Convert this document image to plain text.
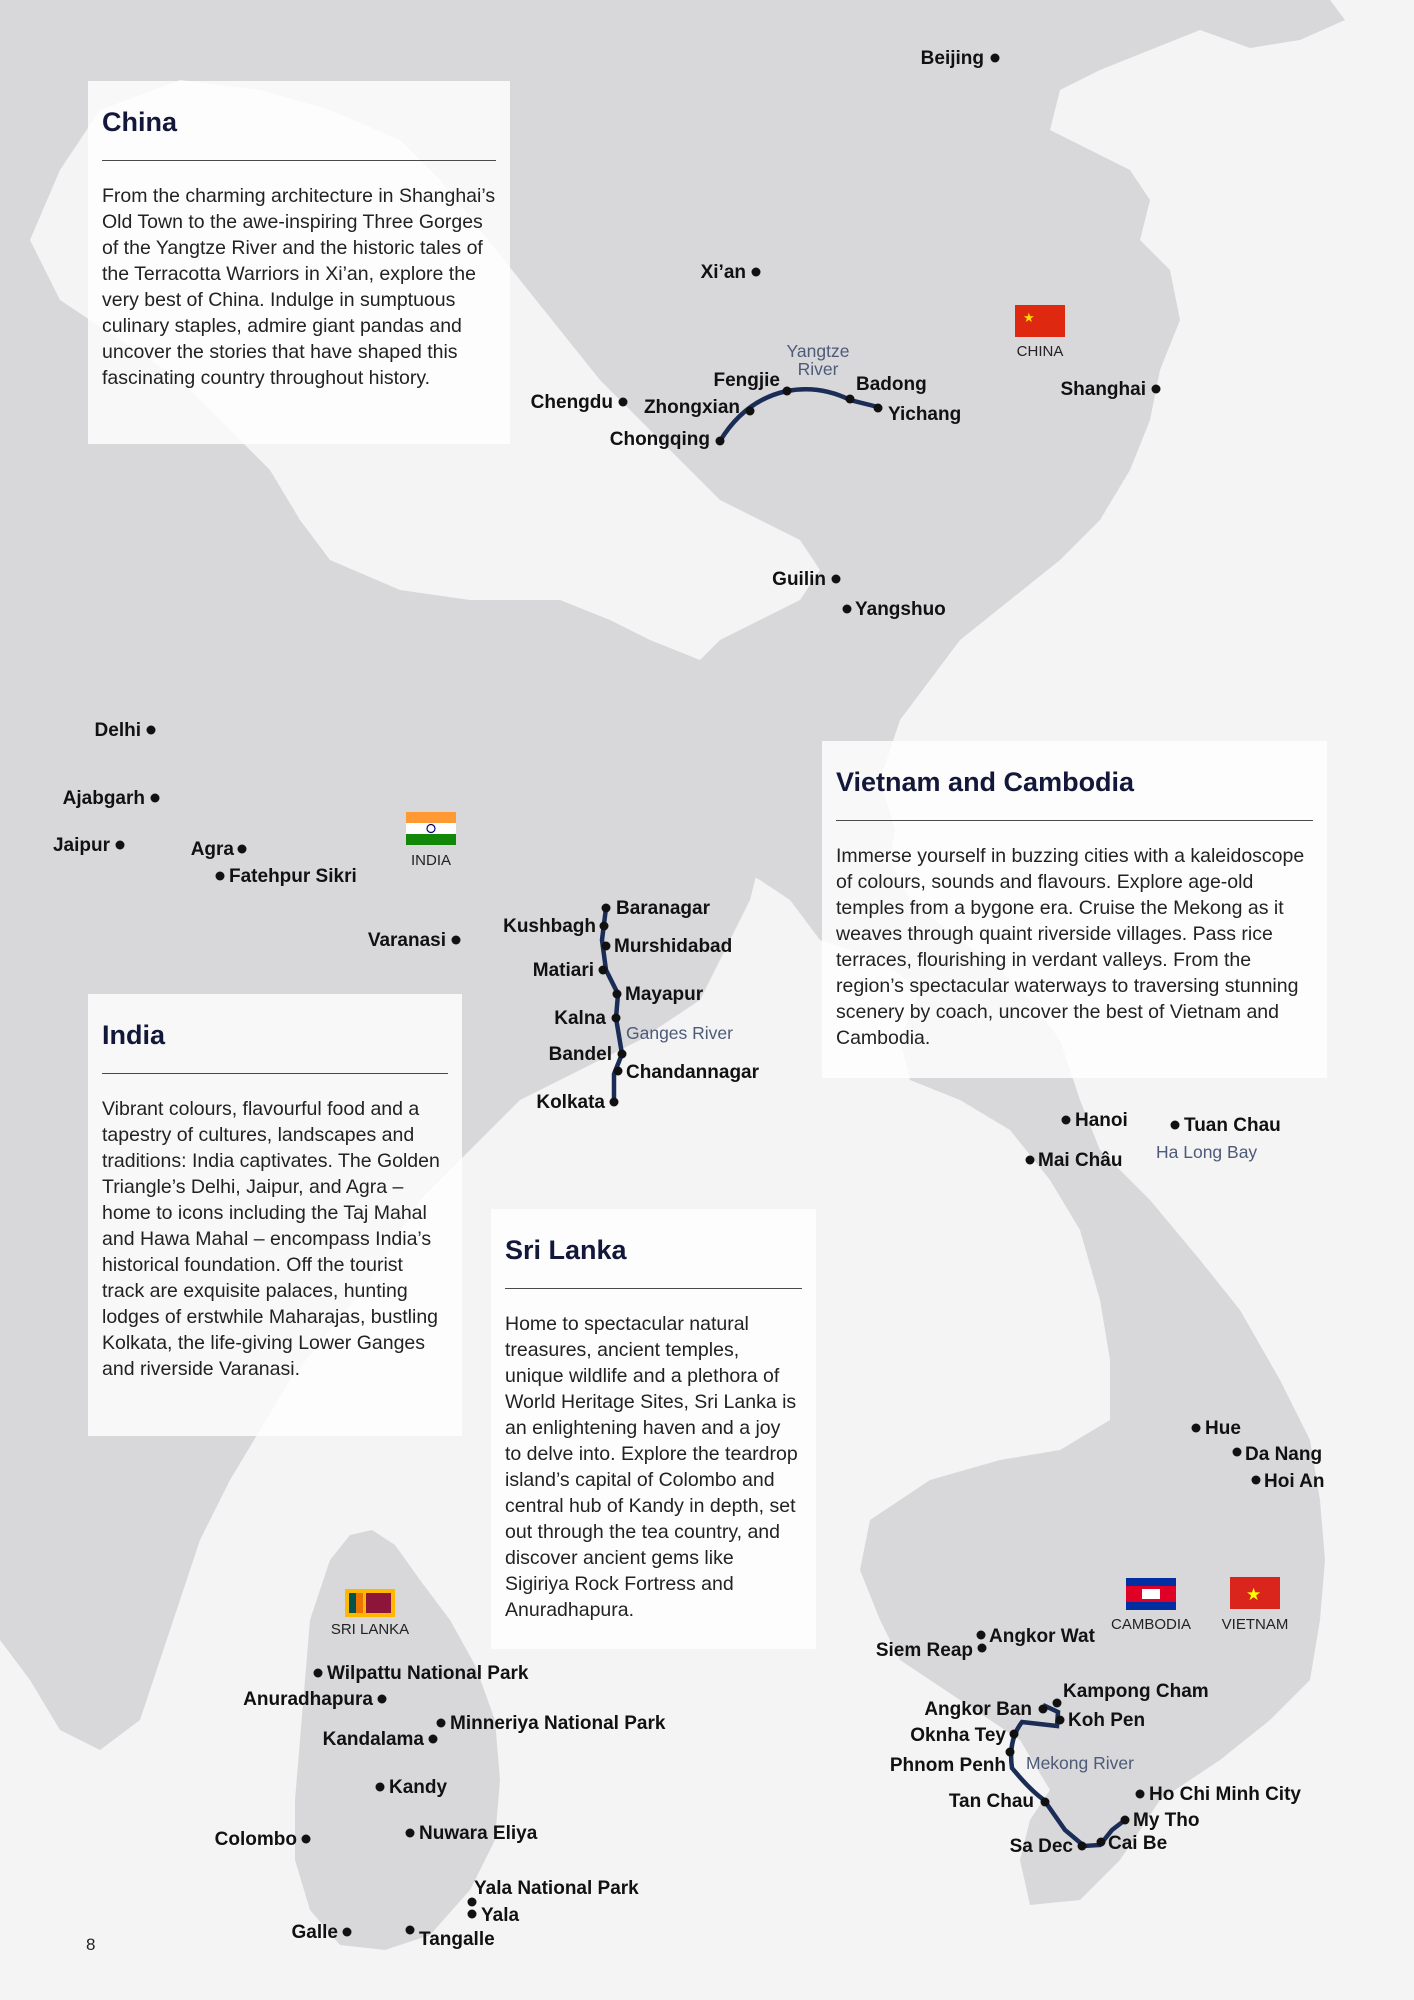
Beijing
Xi’an
Chengdu
Chongqing
Zhongxian
Fengjie	Badong
Yichang
Shanghai
Guilin
Yangshuo
Delhi
Ajabgarh
Jaipur	Agra
Fatehpur Sikri
Varanasi
Baranagar
Kushbagh
Murshidabad
Matiari
Mayapur
Kalna
Bandel
Chandannagar
Kolkata
Hanoi	Tuan Chau
Mai Châu
Hue
Da Nang
Hoi An
Siem Reap
Angkor Wat
Kampong Cham
Angkor Ban
Koh Pen
Oknha Tey
Phnom Penh
Tan Chau	Ho Chi Minh City
My Tho
Sa Dec Cai Be
Wilpattu National Park
Anuradhapura
Minneriya National Park
Kandalama
Kandy
Colombo	Nuwara Eliya
Yala National Park
Yala
Galle	Tangalle
Yangtze
River
Ganges River
Mekong River
Ha Long Bay
★
CHINA
INDIA
CAMBODIA
★
VIETNAM
SRI LANKA
China

From the charming architecture in Shanghai’s Old Town to the awe-inspiring Three Gorges of the Yangtze River and the historic tales of the Terracotta Warriors in Xi’an, explore the very best of China. Indulge in sumptuous culinary staples, admire giant pandas and uncover the stories that have shaped this fascinating country throughout history.

Vietnam and Cambodia

Immerse yourself in buzzing cities with a kaleidoscope of colours, sounds and flavours. Explore age-old temples from a bygone era. Cruise the Mekong as it weaves through quaint riverside villages. Pass rice terraces, flourishing in verdant valleys. From the region’s spectacular waterways to traversing stunning scenery by coach, uncover the best of Vietnam and Cambodia.

India

Vibrant colours, flavourful food and a tapestry of cultures, landscapes and traditions: India captivates. The Golden Triangle’s Delhi, Jaipur, and Agra – home to icons including the Taj Mahal and Hawa Mahal – encompass India’s historical foundation. Off the tourist track are exquisite palaces, hunting lodges of erstwhile Maharajas, bustling Kolkata, the life-giving Lower Ganges and riverside Varanasi.

Sri Lanka

Home to spectacular natural treasures, ancient temples, unique wildlife and a plethora of World Heritage Sites, Sri Lanka is an enlightening haven and a joy to delve into. Explore the teardrop island’s capital of Colombo and central hub of Kandy in depth, set out through the tea country, and discover ancient gems like Sigiriya Rock Fortress and Anuradhapura.

8
